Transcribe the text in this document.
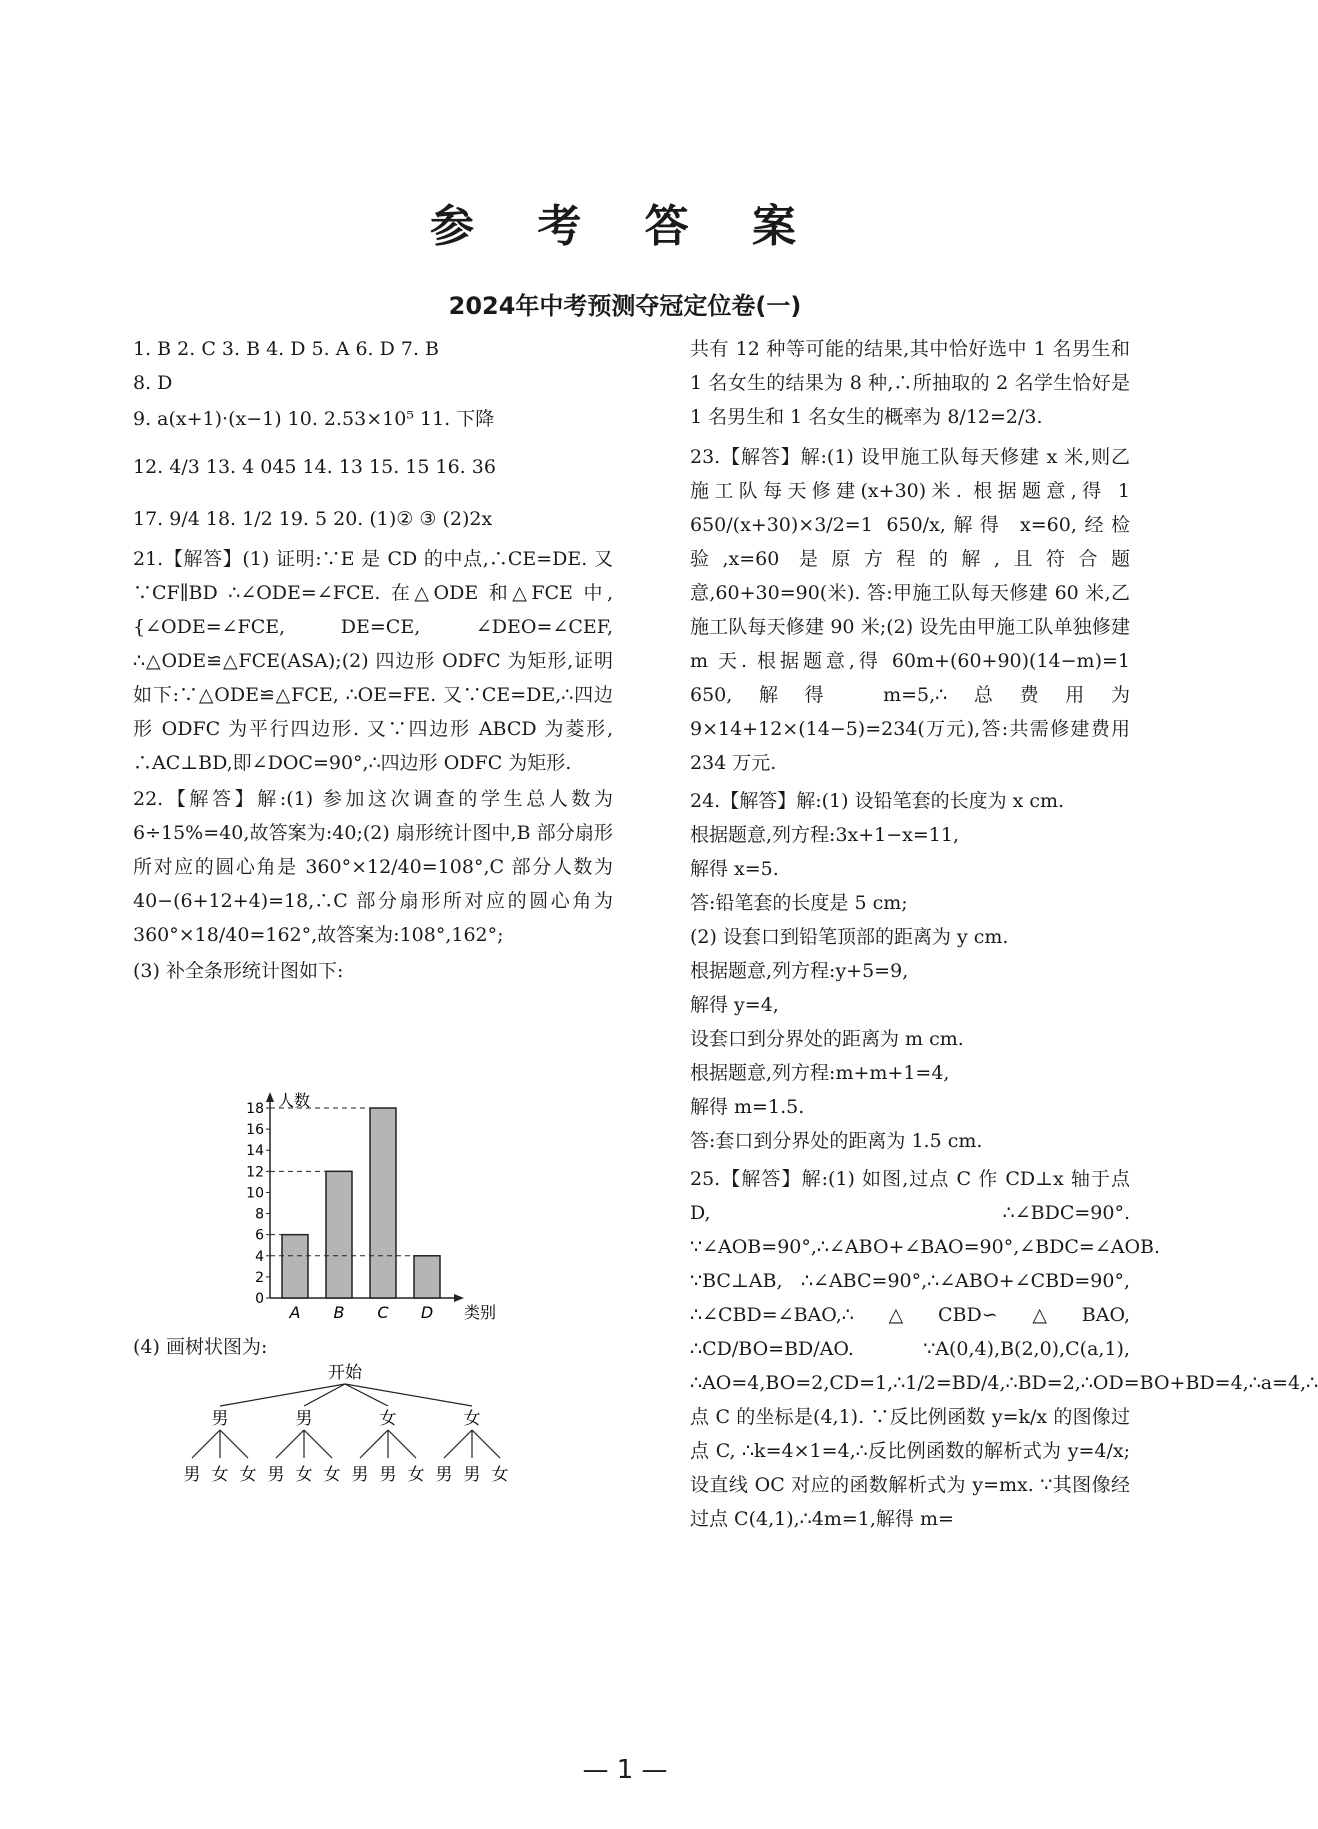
参 考 答 案
2024年中考预测夺冠定位卷(一)
1. B 2. C 3. B 4. D 5. A 6. D 7. B
8. D
9. a(x+1)·(x−1) 10. 2.53×10⁵ 11. 下降
12. 4/3 13. 4 045 14. 13 15. 15 16. 36
17. 9/4 18. 1/2 19. 5 20. (1)② ③ (2)2x

21.【解答】(1) 证明:∵E 是 CD 的中点,∴CE=DE. 又∵CF∥BD ∴∠ODE=∠FCE. 在△ODE 和△FCE 中, {∠ODE=∠FCE, DE=CE, ∠DEO=∠CEF, ∴△ODE≌△FCE(ASA);(2) 四边形 ODFC 为矩形,证明如下:∵△ODE≌△FCE, ∴OE=FE. 又∵CE=DE,∴四边形 ODFC 为平行四边形. 又∵四边形 ABCD 为菱形, ∴AC⊥BD,即∠DOC=90°,∴四边形 ODFC 为矩形.

22.【解答】解:(1) 参加这次调查的学生总人数为 6÷15%=40,故答案为:40;(2) 扇形统计图中,B 部分扇形所对应的圆心角是 360°×12/40=108°,C 部分人数为 40−(6+12+4)=18,∴C 部分扇形所对应的圆心角为 360°×18/40=162°,故答案为:108°,162°;

(3) 补全条形统计图如下:
0
2
4
6
8
10
12
14
16
18 人数
类别
A B C D
(4) 画树状图为:
开始
男
男 女 女
男
男 女 女
女
男 男 女
女
男 男 女

共有 12 种等可能的结果,其中恰好选中 1 名男生和 1 名女生的结果为 8 种,∴所抽取的 2 名学生恰好是 1 名男生和 1 名女生的概率为 8/12=2/3.

23.【解答】解:(1) 设甲施工队每天修建 x 米,则乙施工队每天修建(x+30)米. 根据题意,得 1 650/(x+30)×3/2=1 650/x,解得 x=60,经检验,x=60 是原方程的解,且符合题意,60+30=90(米). 答:甲施工队每天修建 60 米,乙施工队每天修建 90 米;(2) 设先由甲施工队单独修建 m 天. 根据题意,得 60m+(60+90)(14−m)=1 650,解得 m=5,∴总费用为 9×14+12×(14−5)=234(万元),答:共需修建费用 234 万元.

24.【解答】解:(1) 设铅笔套的长度为 x cm.
根据题意,列方程:3x+1−x=11,
解得 x=5.
答:铅笔套的长度是 5 cm;
(2) 设套口到铅笔顶部的距离为 y cm.
根据题意,列方程:y+5=9,
解得 y=4,
设套口到分界处的距离为 m cm.
根据题意,列方程:m+m+1=4,
解得 m=1.5.
答:套口到分界处的距离为 1.5 cm.

25.【解答】解:(1) 如图,过点 C 作 CD⊥x 轴于点 D, ∴∠BDC=90°. ∵∠AOB=90°,∴∠ABO+∠BAO=90°,∠BDC=∠AOB. ∵BC⊥AB, ∴∠ABC=90°,∴∠ABO+∠CBD=90°, ∴∠CBD=∠BAO,∴△CBD∽△BAO, ∴CD/BO=BD/AO. ∵A(0,4),B(2,0),C(a,1), ∴AO=4,BO=2,CD=1,∴1/2=BD/4,∴BD=2,∴OD=BO+BD=4,∴a=4,∴点 C 的坐标是(4,1). ∵反比例函数 y=k/x 的图像过点 C, ∴k=4×1=4,∴反比例函数的解析式为 y=4/x;设直线 OC 对应的函数解析式为 y=mx. ∵其图像经过点 C(4,1),∴4m=1,解得 m=

— 1 —
